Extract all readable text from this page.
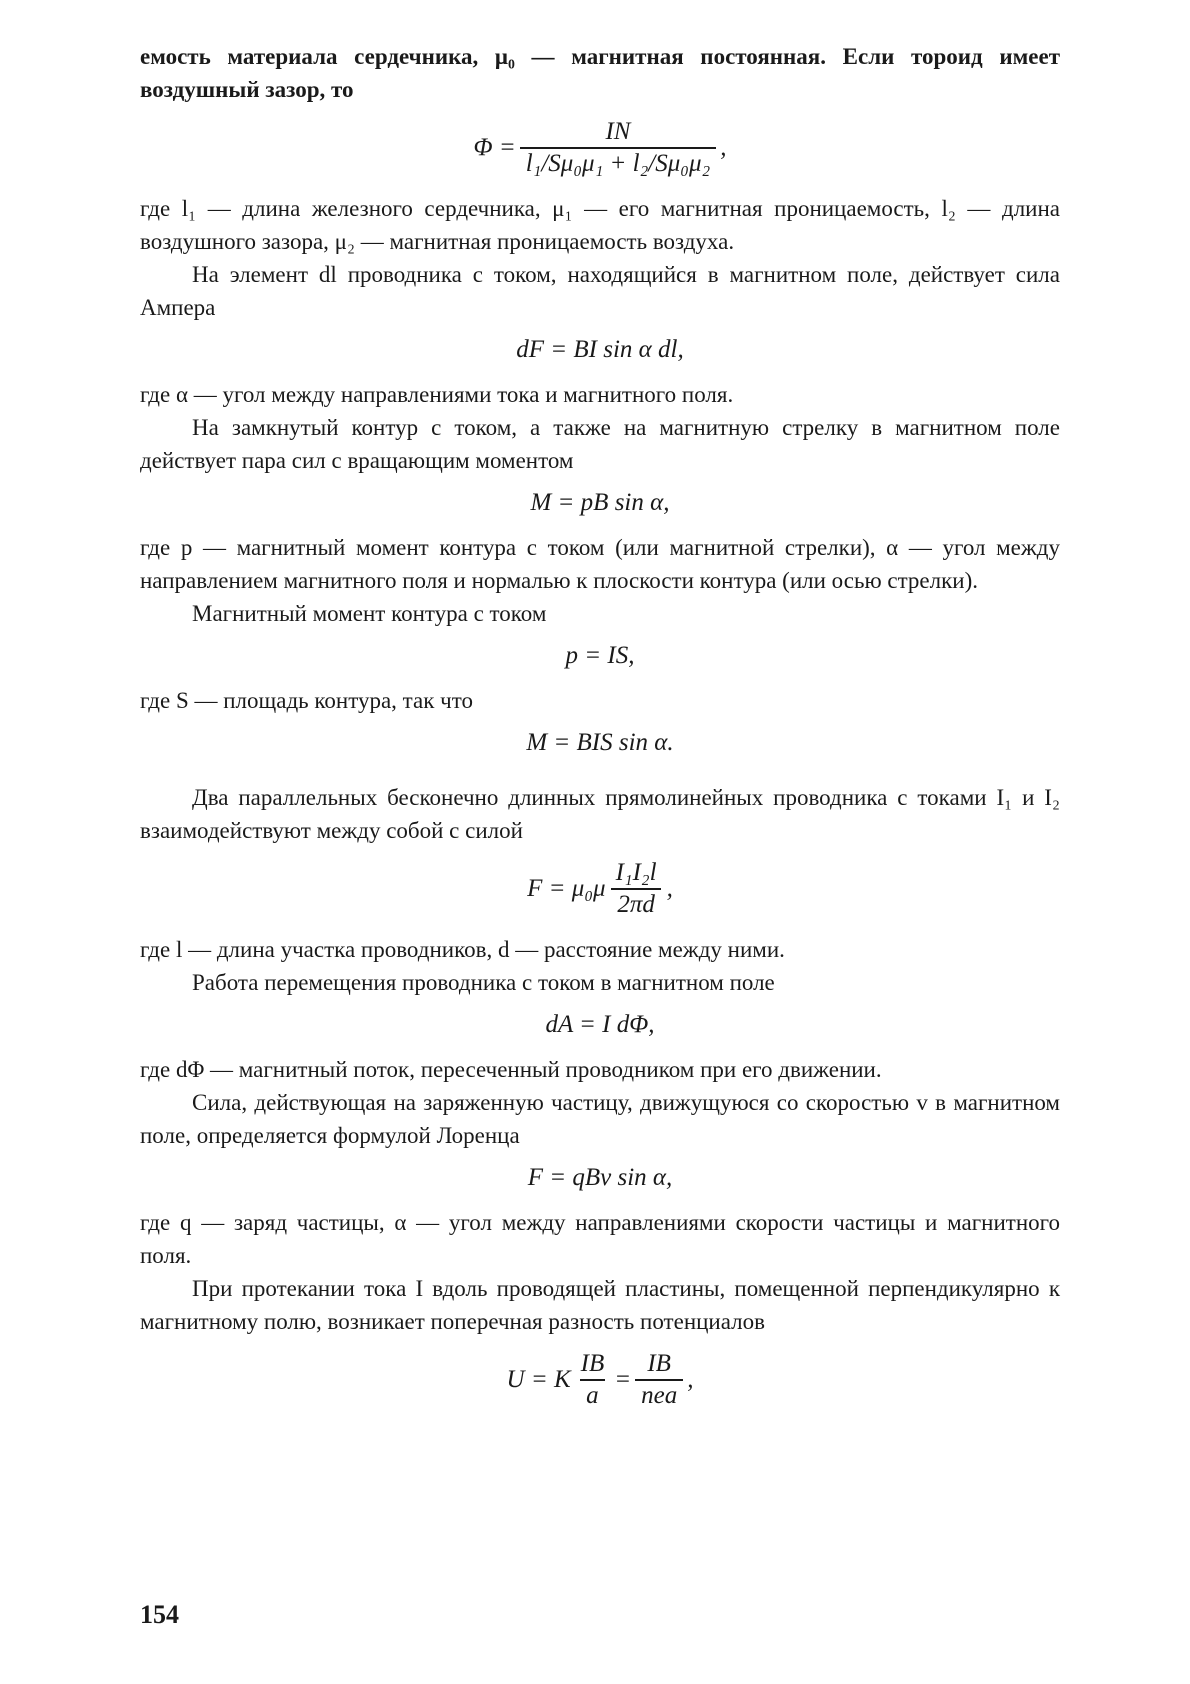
емость материала сердечника, μ₀ — магнитная постоянная. Если тороид имеет воздушный зазор, то

$\Phi = \frac{IN}{\text{l₁/Sμ₀μ₁ + l₂/Sμ₀μ₂}}$ ,

где l₁ — длина железного сердечника, μ₁ — его магнитная проницаемость, l₂ — длина воздушного зазора, μ₂ — магнитная проницаемость воздуха.

На элемент dl проводника с током, находящийся в магнитном поле, действует сила Ампера

dF = BI sin α dl,

где α — угол между направлениями тока и магнитного поля.

На замкнутый контур с током, а также на магнитную стрелку в магнитном поле действует пара сил с вращающим моментом

M = pB sin α,

где p — магнитный момент контура с током (или магнитной стрелки), α — угол между направлением магнитного поля и нормалью к плоскости контура (или осью стрелки).

Магнитный момент контура с током

p = IS,

где S — площадь контура, так что

M = BIS sin α.

Два параллельных бесконечно длинных прямолинейных проводника с токами I₁ и I₂ взаимодействуют между собой с силой

$F = \mu_0\mu \frac{\text{I₁I₂l}}{2\pi d}$ ,

где l — длина участка проводников, d — расстояние между ними.

Работа перемещения проводника с током в магнитном поле

dA = I dΦ,

где dΦ — магнитный поток, пересеченный проводником при его движении.

Сила, действующая на заряженную частицу, движущуюся со скоростью v в магнитном поле, определяется формулой Лоренца

F = qBv sin α,

где q — заряд частицы, α — угол между направлениями скорости частицы и магнитного поля.

При протекании тока I вдоль проводящей пластины, помещенной перпендикулярно к магнитному полю, возникает поперечная разность потенциалов

U = K $\frac{IB}{a} = \frac{IB}{\text{nea}}$ ,
154
